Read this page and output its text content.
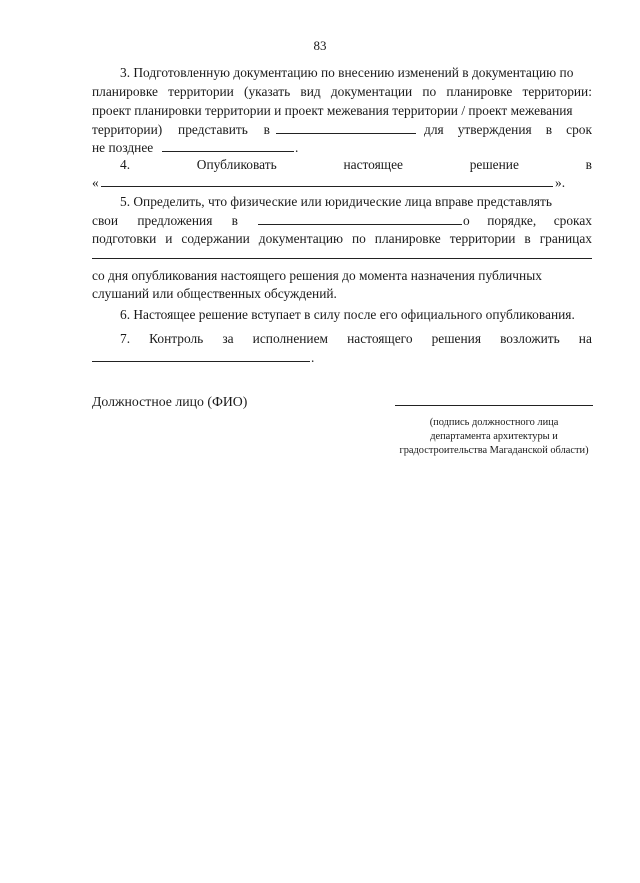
83
3. Подготовленную документацию по внесению изменений в документацию по
планировке территории (указать вид документации по планировке территории:
проект планировки территории и проект межевания территории / проект межевания
территории) представить в	для утверждения в срок
не позднее	.
4.	Опубликовать	настоящее	решение	в
«	».
5. Определить, что физические или юридические лица вправе представлять
свои предложения в	о порядке, сроках
подготовки и содержании документацию по планировке территории в границах
со дня опубликования настоящего решения до момента назначения публичных
слушаний или общественных обсуждений.
6. Настоящее решение вступает в силу после его официального опубликования.
7. Контроль за исполнением настоящего решения возложить на
.
Должностное лицо (ФИО)
(подпись должностного лица
департамента архитектуры и
градостроительства Магаданской области)
